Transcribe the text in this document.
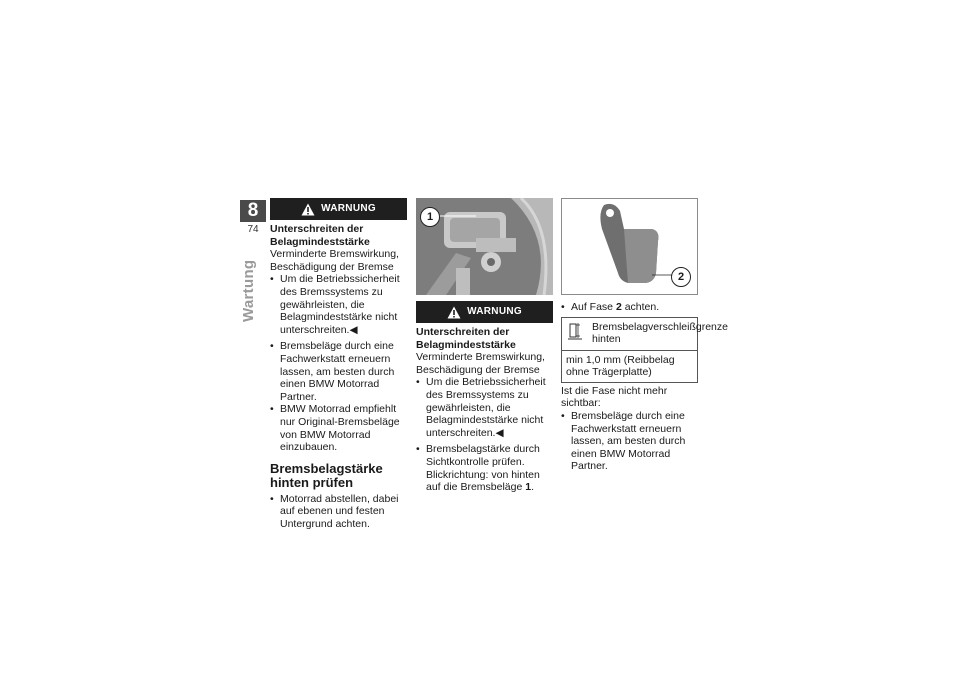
8
74
Wartung
WARNUNG

Unterschreiten der Belagmindeststärke

Verminderte Bremswirkung, Beschädigung der Bremse

• Um die Betriebssicherheit des Bremssystems zu gewährleisten, die Belagmindeststärke nicht unterschreiten.◀
• Bremsbeläge durch eine Fachwerkstatt erneuern lassen, am besten durch einen BMW Motorrad Partner.
• BMW Motorrad empfiehlt nur Original-Bremsbeläge von BMW Motorrad einzubauen.
Bremsbelagstärke hinten prüfen
• Motorrad abstellen, dabei auf ebenen und festen Untergrund achten.
1
WARNUNG

Unterschreiten der Belagmindeststärke

Verminderte Bremswirkung, Beschädigung der Bremse

• Um die Betriebssicherheit des Bremssystems zu gewährleisten, die Belagmindeststärke nicht unterschreiten.◀
• Bremsbelagstärke durch Sichtkontrolle prüfen. Blickrichtung: von hinten auf die Bremsbeläge 1.
2
• Auf Fase 2 achten.
Bremsbelagverschleißgrenze hinten
min 1,0 mm (Reibbelag ohne Trägerplatte)

Ist die Fase nicht mehr sichtbar:

• Bremsbeläge durch eine Fachwerkstatt erneuern lassen, am besten durch einen BMW Motorrad Partner.
